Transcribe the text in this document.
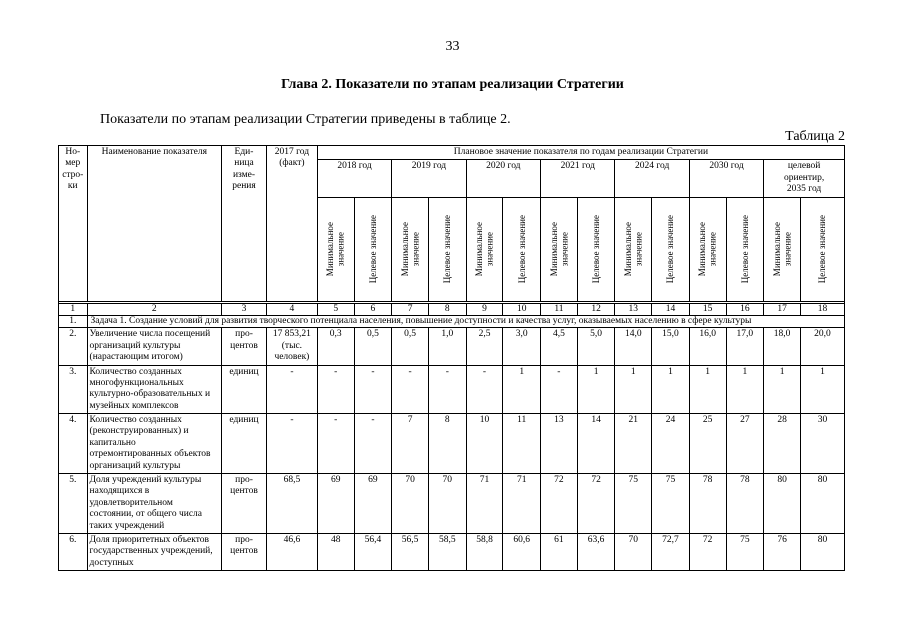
33
Глава 2. Показатели по этапам реализации Стратегии
Показатели по этапам реализации Стратегии приведены в таблице 2.
Таблица 2
Но-
мер
стро-
ки	Наименование показателя	Еди-
ница
изме-
рения	2017 год
(факт)	Плановое значение показателя по годам реализации Стратегии													
				2018 год		2019 год		2020 год		2021 год		2024 год		2030 год		целевой
ориентир,
2035 год	

				Минимальное
значение	Целевое значение	Минимальное
значение	Целевое значение	Минимальное
значение	Целевое значение	Минимальное
значение	Целевое значение	Минимальное
значение	Целевое значение	Минимальное
значение	Целевое значение	Минимальное
значение	Целевое значение

1	2	3	4	5	6	7	8	9	10	11	12	13	14	15	16	17	18
1.	Задача 1. Создание условий для развития творческого потенциала населения, повышение доступности и качества услуг, оказываемых населению в сфере культуры																
2.	Увеличение числа посещений организаций культуры (нарастающим итогом)	про-
центов	17 853,21
(тыс.
человек)	0,3	0,5	0,5	1,0	2,5	3,0	4,5	5,0	14,0	15,0	16,0	17,0	18,0	20,0
3.	Количество созданных многофункциональных культурно-образовательных и музейных комплексов	единиц	-	-	-	-	-	-	1	-	1	1	1	1	1	1	1
4.	Количество созданных (реконструированных) и капитально отремонтированных объектов организаций культуры	единиц	-	-	-	7	8	10	11	13	14	21	24	25	27	28	30
5.	Доля учреждений культуры находящихся в удовлетворительном состоянии, от общего числа таких учреждений	про-
центов	68,5	69	69	70	70	71	71	72	72	75	75	78	78	80	80
6.	Доля приоритетных объектов государственных учреждений, доступных	про-
центов	46,6	48	56,4	56,5	58,5	58,8	60,6	61	63,6	70	72,7	72	75	76	80
